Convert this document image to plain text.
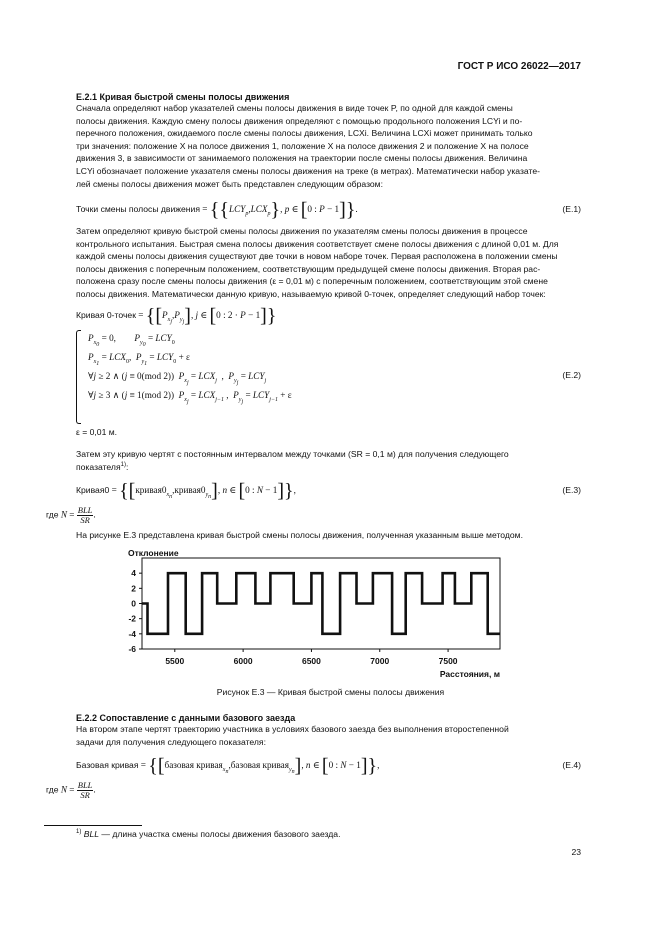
ГОСТ Р ИСО 26022—2017
Е.2.1 Кривая быстрой смены полосы движения
Сначала определяют набор указателей смены полосы движения в виде точек P, по одной для каждой смены
полосы движения. Каждую смену полосы движения определяют с помощью продольного положения LCYi и по-
перечного положения, ожидаемого после смены полосы движения, LCXi. Величина LCXi может принимать только
три значения: положение X на полосе движения 1, положение X на полосе движения 2 и положение X на полосе
движения 3, в зависимости от занимаемого положения на траектории после смены полосы движения. Величина
LCYi обозначает положение указателя смены полосы движения на треке (в метрах). Математически набор указате-
лей смены полосы движения может быть представлен следующим образом:
Точки смены полосы движения = {$\{LCY_p,LCX_p\}$, p ∈ [0 : P − 1]}.	(Е.1)
Затем определяют кривую быстрой смены полосы движения по указателям смены полосы движения в процессе
контрольного испытания. Быстрая смена полосы движения соответствует смене полосы движения с длиной 0,01 м. Для
каждой смены полосы движения существуют две точки в новом наборе точек. Первая расположена в положении смены
полосы движения с поперечным положением, соответствующим предыдущей смене полосы движения. Вторая рас-
положена сразу после смены полосы движения (ε = 0,01 м) с поперечным положением, соответствующим этой смене
полосы движения. Математически данную кривую, называемую кривой 0-точек, определяет следующий набор точек:
Кривая 0-точек = {$[P_{x_j},P_{y_j}]$, j ∈ [0 : 2 · P − 1]}
$P_{x_0} = 0$,        $P_{y_0} = LCY_0$
$P_{x_1} = LCX_0$,  $P_{y_1} = LCY_0 + \varepsilon$
∀j ≥ 2 ∧ (j ≡ 0(mod 2))  $P_{x_j} = LCX_j$  ,  $P_{y_j} = LCY_j$
∀j ≥ 3 ∧ (j ≡ 1(mod 2))  $P_{x_j} = LCX_{j-1}$ ,  $P_{y_j} = LCY_{j-1} + \varepsilon$
(Е.2)
ε = 0,01 м.
Затем эту кривую чертят с постоянным интервалом между точками (SR = 0,1 м) для получения следующего
показателя$^{1)}$:
Кривая0 = {$[кривая0_{x_n},кривая0_{y_n}]$, n ∈ [0 : N − 1]},	(Е.3)
где $N = \frac{\text{BLL}}{SR}$ .
На рисунке Е.3 представлена кривая быстрой смены полосы движения, полученная указанным выше методом.
4
2
0
-2
-4
-6
5500	6000	6500	7000	7500
Отклонение
Расстояния, м
Рисунок Е.3 — Кривая быстрой смены полосы движения
Е.2.2 Сопоставление с данными базового заезда
На втором этапе чертят траекторию участника в условиях базового заезда без выполнения второстепенной
задачи для получения следующего показателя:
Базовая кривая = {[базовая кривая$_{x_n}$,базовая кривая$_{y_n}$], n ∈ [0 : N − 1]},	(Е.4)
где $N = \frac{\text{BLL}}{SR}$ .
$^{1)}$ BLL — длина участка смены полосы движения базового заезда.
23
